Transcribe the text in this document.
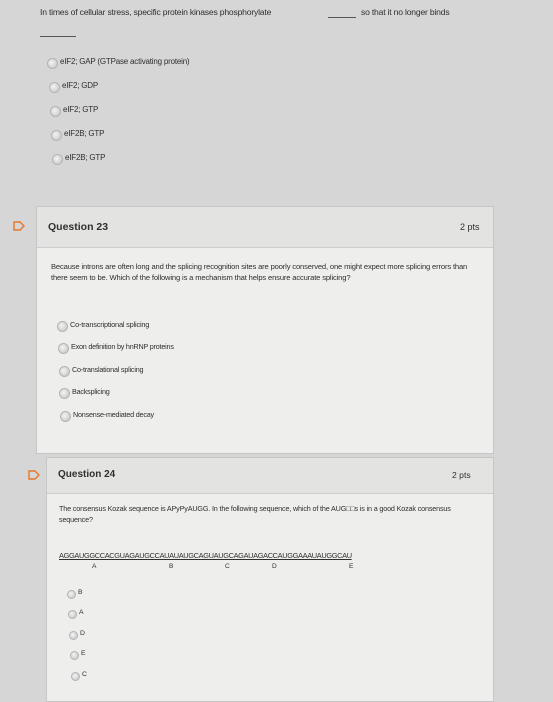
In times of cellular stress, specific protein kinases phosphorylate	so that it no longer binds
eIF2; GAP (GTPase activating protein)
eIF2; GDP
eIF2; GTP
eIF2B; GTP
eIF2B; GTP
Question 23	2 pts
Because introns are often long and the splicing recognition sites are poorly conserved, one might expect more splicing errors than there seem to be. Which of the following is a mechanism that helps ensure accurate splicing?
Co-transcriptional splicing
Exon definition by hnRNP proteins
Co-translational splicing
Backsplicing
Nonsense-mediated decay
Question 24	2 pts
The consensus Kozak sequence is APyPyAUGG. In the following sequence, which of the AUG□□s is in a good Kozak consensus sequence?
AGGAUGGCCACGUAGAUGCCAUAUAUGCAGUAUGCAGAUAGACCAUGGAAAUAUGGCAU
A	B	C	D	E
B
A
D
E
C
